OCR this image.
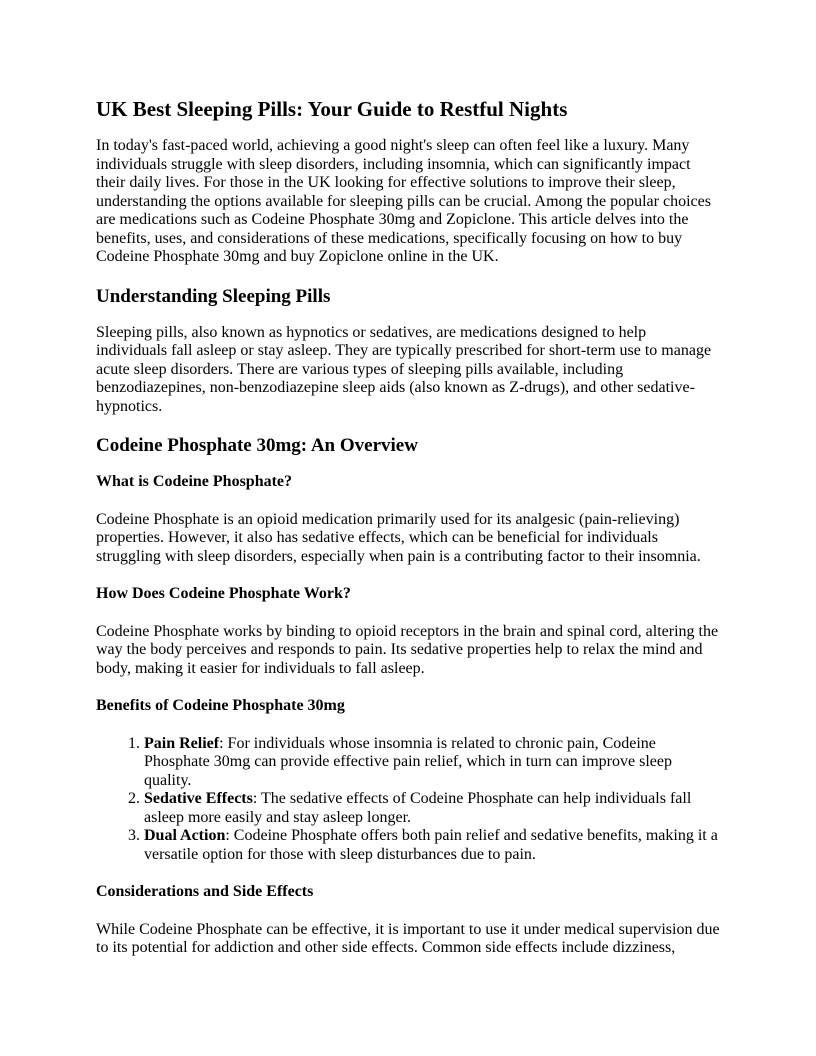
UK Best Sleeping Pills: Your Guide to Restful Nights

In today's fast-paced world, achieving a good night's sleep can often feel like a luxury. Many individuals struggle with sleep disorders, including insomnia, which can significantly impact their daily lives. For those in the UK looking for effective solutions to improve their sleep, understanding the options available for sleeping pills can be crucial. Among the popular choices are medications such as Codeine Phosphate 30mg and Zopiclone. This article delves into the benefits, uses, and considerations of these medications, specifically focusing on how to buy Codeine Phosphate 30mg and buy Zopiclone online in the UK.

Understanding Sleeping Pills

Sleeping pills, also known as hypnotics or sedatives, are medications designed to help individuals fall asleep or stay asleep. They are typically prescribed for short-term use to manage acute sleep disorders. There are various types of sleeping pills available, including benzodiazepines, non-benzodiazepine sleep aids (also known as Z-drugs), and other sedative-hypnotics.

Codeine Phosphate 30mg: An Overview
What is Codeine Phosphate?

Codeine Phosphate is an opioid medication primarily used for its analgesic (pain-relieving) properties. However, it also has sedative effects, which can be beneficial for individuals struggling with sleep disorders, especially when pain is a contributing factor to their insomnia.

How Does Codeine Phosphate Work?

Codeine Phosphate works by binding to opioid receptors in the brain and spinal cord, altering the way the body perceives and responds to pain. Its sedative properties help to relax the mind and body, making it easier for individuals to fall asleep.

Benefits of Codeine Phosphate 30mg
1. Pain Relief: For individuals whose insomnia is related to chronic pain, Codeine Phosphate 30mg can provide effective pain relief, which in turn can improve sleep quality.
2. Sedative Effects: The sedative effects of Codeine Phosphate can help individuals fall asleep more easily and stay asleep longer.
3. Dual Action: Codeine Phosphate offers both pain relief and sedative benefits, making it a versatile option for those with sleep disturbances due to pain.
Considerations and Side Effects

While Codeine Phosphate can be effective, it is important to use it under medical supervision due to its potential for addiction and other side effects. Common side effects include dizziness,
